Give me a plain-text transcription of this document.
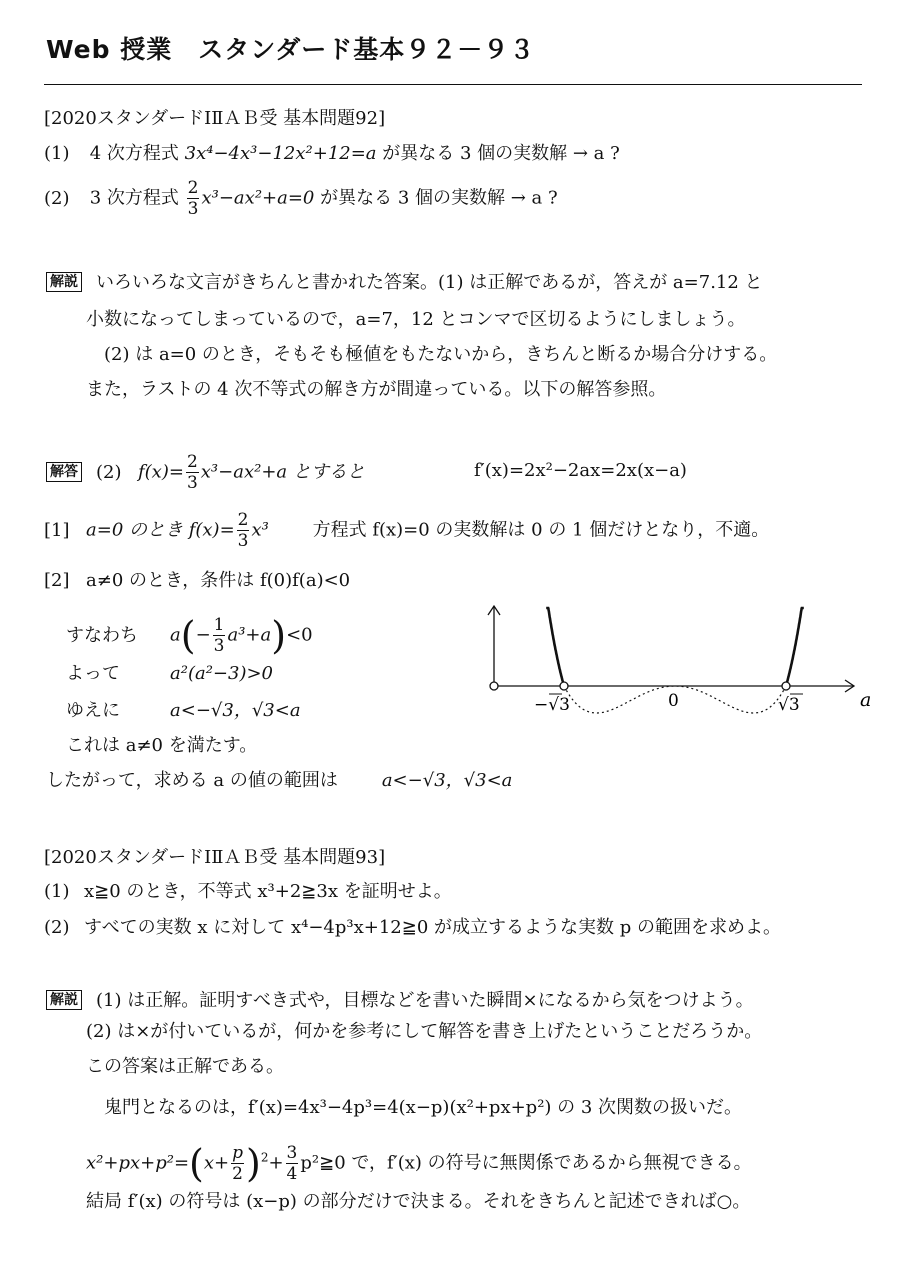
Web 授業　スタンダード基本９２－９３
[2020スタンダードⅠⅡＡＢ受 基本問題92]
(1) 4 次方程式 3x⁴−4x³−12x²+12=a が異なる 3 個の実数解 → a ?
(2) 3 次方程式 $\frac{2}{3} x^3-ax^2+a=0$ が異なる 3 個の実数解 → a ?
解説 いろいろな文言がきちんと書かれた答案。(1) は正解であるが，答えが a=7.12 と
小数になってしまっているので，a=7，12 とコンマで区切るようにしましょう。
(2) は a=0 のとき，そもそも極値をもたないから，きちんと断るか場合分けする。
また，ラストの 4 次不等式の解き方が間違っている。以下の解答参照。
解答 (2) $f(x)= \frac{2}{3} x^3-ax^2+a$ とすると	f′(x)=2x²−2ax=2x(x−a)
[1] a=0 のとき $f(x)= \frac{2}{3} x^3$ 方程式 f(x)=0 の実数解は 0 の 1 個だけとなり，不適。
[2] a≠0 のとき，条件は f(0)f(a)<0
すなわち $a(- \frac{1}{3} a^3+a)<0$
よって	a²(a²−3)>0
ゆえに	a<−√3，√3<a
これは a≠0 を満たす。
したがって，求める a の値の範囲は a<−√3，√3<a
−√3	0	√3	a
[2020スタンダードⅠⅡＡＢ受 基本問題93]
(1) x≧0 のとき，不等式 x³+2≧3x を証明せよ。
(2) すべての実数 x に対して x⁴−4p³x+12≧0 が成立するような実数 p の範囲を求めよ。
解説 (1) は正解。証明すべき式や，目標などを書いた瞬間×になるから気をつけよう。
(2) は×が付いているが，何かを参考にして解答を書き上げたということだろうか。
この答案は正解である。
鬼門となるのは，f′(x)=4x³−4p³=4(x−p)(x²+px+p²) の 3 次関数の扱いだ。
$x^2+px+p^2=(x+ \frac{p}{2} )^2+ \frac{3}{4}$ p²≧0 で，f′(x) の符号に無関係であるから無視できる。
結局 f′(x) の符号は (x−p) の部分だけで決まる。それをきちんと記述できれば○。
